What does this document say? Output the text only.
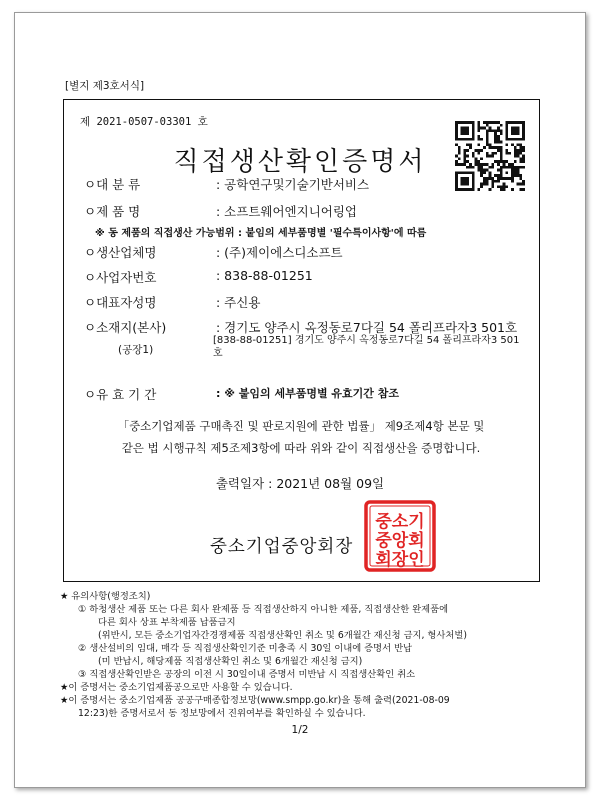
[별지 제3호서식]
제 2021-0507-03301 호
직접생산확인증명서
ㅇ대 분 류	: 공학연구및기술기반서비스
ㅇ제 품 명	: 소프트웨어엔지니어링업
※ 동 제품의 직접생산 가능범위 : 붙임의 세부품명별 '필수특이사항'에 따름
ㅇ생산업체명	: (주)제이에스디소프트
ㅇ사업자번호	: 838-88-01251
ㅇ대표자성명	: 주신용
ㅇ소재지(본사)	: 경기도 양주시 옥정동로7다길 54 폴리프라자3 501호
(공장1)
[838-88-01251] 경기도 양주시 옥정동로7다길 54 폴리프라자3 501호
ㅇ유 효 기 간	: ※ 붙임의 세부품명별 유효기간 참조
「중소기업제품 구매촉진 및 판로지원에 관한 법률」 제9조제4항 본문 및
같은 법 시행규칙 제5조제3항에 따라 위와 같이 직접생산을 증명합니다.
출력일자 : 2021년 08월 09일
중소기업중앙회장
중소기
중앙회
회장인
★ 유의사항(행정조치)
① 하청생산 제품 또는 다른 회사 완제품 등 직접생산하지 아니한 제품, 직접생산한 완제품에
다른 회사 상표 부착제품 납품금지
(위반시, 모든 중소기업자간경쟁제품 직접생산확인 취소 및 6개월간 재신청 금지, 형사처벌)
② 생산설비의 임대, 매각 등 직접생산확인기준 미충족 시 30일 이내에 증명서 반납
(미 반납시, 해당제품 직접생산확인 취소 및 6개월간 재신청 금지)
③ 직접생산확인받은 공장의 이전 시 30일이내 증명서 미반납 시 직접생산확인 취소
★이 증명서는 중소기업제품공으로만 사용할 수 있습니다.
★이 증명서는 중소기업제품 공공구매종합정보망(www.smpp.go.kr)을 통해 출력(2021-08-09
12:23)한 증명서로서 동 정보망에서 진위여부를 확인하실 수 있습니다.
1/2
